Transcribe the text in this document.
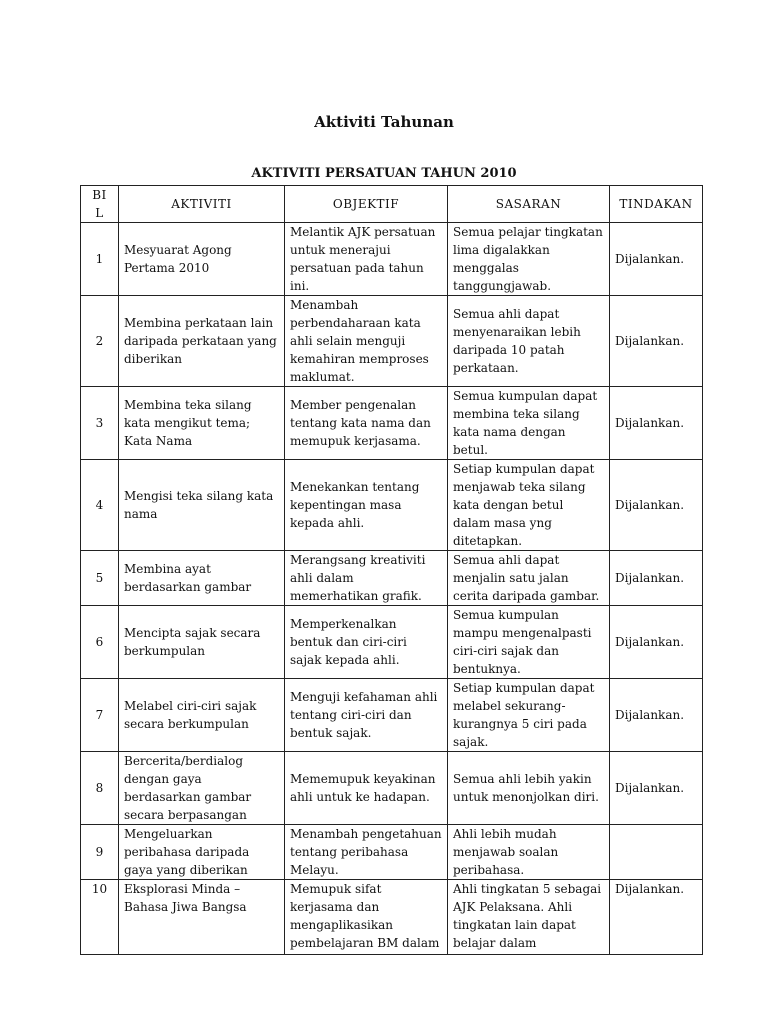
Aktiviti Tahunan
AKTIVITI PERSATUAN TAHUN 2010
BI L	AKTIVITI	OBJEKTIF	SASARAN	TINDAKAN
1	Mesyuarat Agong Pertama 2010	Melantik AJK persatuan untuk menerajui persatuan pada tahun ini.	Semua pelajar tingkatan lima digalakkan menggalas tanggungjawab.	Dijalankan.
2	Membina perkataan lain daripada perkataan yang diberikan	Menambah perbendaharaan kata ahli selain menguji kemahiran memproses maklumat.	Semua ahli dapat menyenaraikan lebih daripada 10 patah perkataan.	Dijalankan.
3	Membina teka silang kata mengikut tema; Kata Nama	Member pengenalan tentang kata nama dan memupuk kerjasama.	Semua kumpulan dapat membina teka silang kata nama dengan betul.	Dijalankan.
4	Mengisi teka silang kata nama	Menekankan tentang kepentingan masa kepada ahli.	Setiap kumpulan dapat menjawab teka silang kata dengan betul dalam masa yng ditetapkan.	Dijalankan.
5	Membina ayat berdasarkan gambar	Merangsang kreativiti ahli dalam memerhatikan grafik.	Semua ahli dapat menjalin satu jalan cerita daripada gambar.	Dijalankan.
6	Mencipta sajak secara berkumpulan	Memperkenalkan bentuk dan ciri-ciri sajak kepada ahli.	Semua kumpulan mampu mengenalpasti ciri-ciri sajak dan bentuknya.	Dijalankan.
7	Melabel ciri-ciri sajak secara berkumpulan	Menguji kefahaman ahli tentang ciri-ciri dan bentuk sajak.	Setiap kumpulan dapat melabel sekurang-kurangnya 5 ciri pada sajak.	Dijalankan.
8	Bercerita/berdialog dengan gaya berdasarkan gambar secara berpasangan	Mememupuk keyakinan ahli untuk ke hadapan.	Semua ahli lebih yakin untuk menonjolkan diri.	Dijalankan.
9	Mengeluarkan peribahasa daripada gaya yang diberikan	Menambah pengetahuan tentang peribahasa Melayu.	Ahli lebih mudah menjawab soalan peribahasa.	
10	Eksplorasi Minda – Bahasa Jiwa Bangsa	Memupuk sifat kerjasama dan mengaplikasikan pembelajaran BM dalam	Ahli tingkatan 5 sebagai AJK Pelaksana. Ahli tingkatan lain dapat belajar dalam	Dijalankan.
